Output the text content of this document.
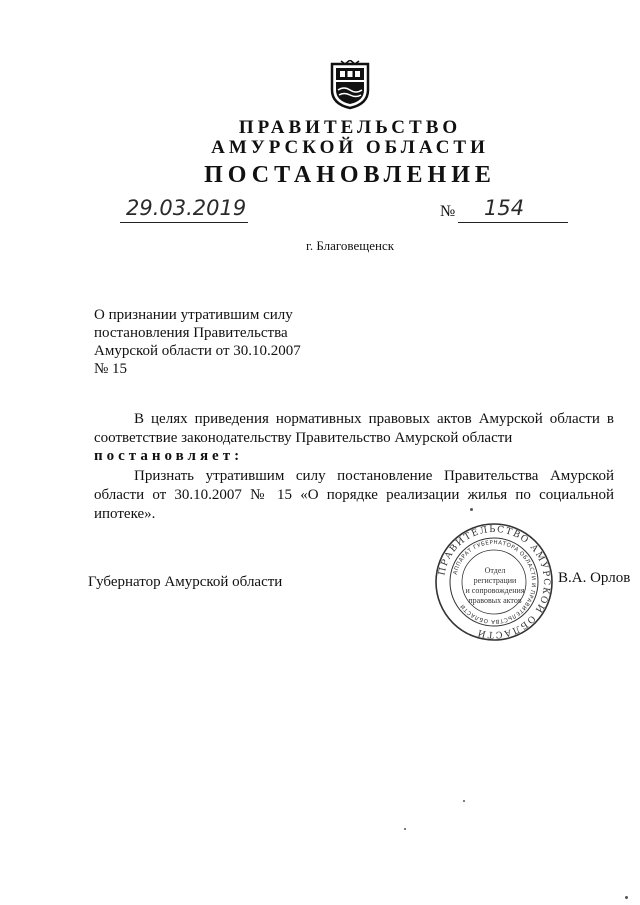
ПРАВИТЕЛЬСТВО
АМУРСКОЙ ОБЛАСТИ
ПОСТАНОВЛЕНИЕ
29.03.2019	№ 154
г. Благовещенск
О признании утратившим силу
постановления Правительства
Амурской области от 30.10.2007
№ 15
В целях приведения нормативных правовых актов Амурской области в соответствие законодательству Правительство Амурской области
постановляет:
Признать утратившим силу постановление Правительства Амурской области от 30.10.2007 № 15 «О порядке реализации жилья по социальной ипотеке».
Губернатор Амурской области
ПРАВИТЕЛЬСТВО АМУРСКОЙ ОБЛАСТИ
АППАРАТ ГУБЕРНАТОРА ОБЛАСТИ И ПРАВИТЕЛЬСТВА ОБЛАСТИ
Отдел
регистрации
и сопровождения
правовых актов
В.А. Орлов
